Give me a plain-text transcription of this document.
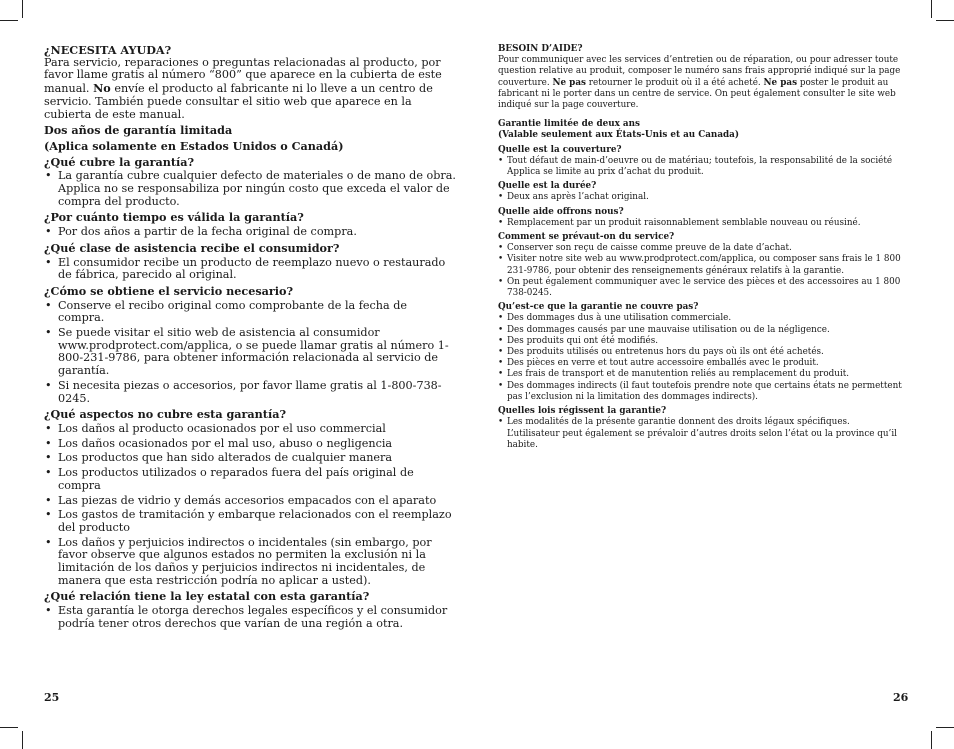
¿NECESITA AYUDA?

Para servicio, reparaciones o preguntas relacionadas al producto, por favor llame gratis al número “800” que aparece en la cubierta de este manual. No envíe el producto al fabricante ni lo lleve a un centro de servicio. También puede consultar el sitio web que aparece en la cubierta de este manual.

Dos años de garantía limitada

(Aplica solamente en Estados Unidos o Canadá)

¿Qué cubre la garantía?

• La garantía cubre cualquier defecto de materiales o de mano de obra. Applica no se responsabiliza por ningún costo que exceda el valor de compra del producto.

¿Por cuánto tiempo es válida la garantía?

• Por dos años a partir de la fecha original de compra.

¿Qué clase de asistencia recibe el consumidor?

• El consumidor recibe un producto de reemplazo nuevo o restaurado de fábrica, parecido al original.

¿Cómo se obtiene el servicio necesario?

• Conserve el recibo original como comprobante de la fecha de compra.
• Se puede visitar el sitio web de asistencia al consumidor www.prodprotect.com/applica, o se puede llamar gratis al número 1-800-231-9786, para obtener información relacionada al servicio de garantía.
• Si necesita piezas o accesorios, por favor llame gratis al 1-800-738-0245.

¿Qué aspectos no cubre esta garantía?

• Los daños al producto ocasionados por el uso commercial
• Los daños ocasionados por el mal uso, abuso o negligencia
• Los productos que han sido alterados de cualquier manera
• Los productos utilizados o reparados fuera del país original de compra
• Las piezas de vidrio y demás accesorios empacados con el aparato
• Los gastos de tramitación y embarque relacionados con el reemplazo del producto
• Los daños y perjuicios indirectos o incidentales (sin embargo, por favor observe que algunos estados no permiten la exclusión ni la limitación de los daños y perjuicios indirectos ni incidentales, de manera que esta restricción podría no aplicar a usted).

¿Qué relación tiene la ley estatal con esta garantía?

• Esta garantía le otorga derechos legales específicos y el consumidor podría tener otros derechos que varían de una región a otra.
25

BESOIN D’AIDE?

Pour communiquer avec les services d’entretien ou de réparation, ou pour adresser toute question relative au produit, composer le numéro sans frais approprié indiqué sur la page couverture. Ne pas retourner le produit où il a été acheté. Ne pas poster le produit au fabricant ni le porter dans un centre de service. On peut également consulter le site web indiqué sur la page couverture.

Garantie limitée de deux ans

(Valable seulement aux États-Unis et au Canada)

Quelle est la couverture?

• Tout défaut de main-d’oeuvre ou de matériau; toutefois, la responsabilité de la société Applica se limite au prix d’achat du produit.

Quelle est la durée?

• Deux ans après l’achat original.

Quelle aide offrons nous?

• Remplacement par un produit raisonnablement semblable nouveau ou réusiné.

Comment se prévaut-on du service?

• Conserver son reçu de caisse comme preuve de la date d’achat.
• Visiter notre site web au www.prodprotect.com/applica, ou composer sans frais le 1 800 231-9786, pour obtenir des renseignements généraux relatifs à la garantie.
• On peut également communiquer avec le service des pièces et des accessoires au 1 800 738-0245.

Qu’est-ce que la garantie ne couvre pas?

• Des dommages dus à une utilisation commerciale.
• Des dommages causés par une mauvaise utilisation ou de la négligence.
• Des produits qui ont été modifiés.
• Des produits utilisés ou entretenus hors du pays où ils ont été achetés.
• Des pièces en verre et tout autre accessoire emballés avec le produit.
• Les frais de transport et de manutention reliés au remplacement du produit.
• Des dommages indirects (il faut toutefois prendre note que certains états ne permettent pas l’exclusion ni la limitation des dommages indirects).

Quelles lois régissent la garantie?

• Les modalités de la présente garantie donnent des droits légaux spécifiques. L’utilisateur peut également se prévaloir d’autres droits selon l’état ou la province qu’il habite.
26
